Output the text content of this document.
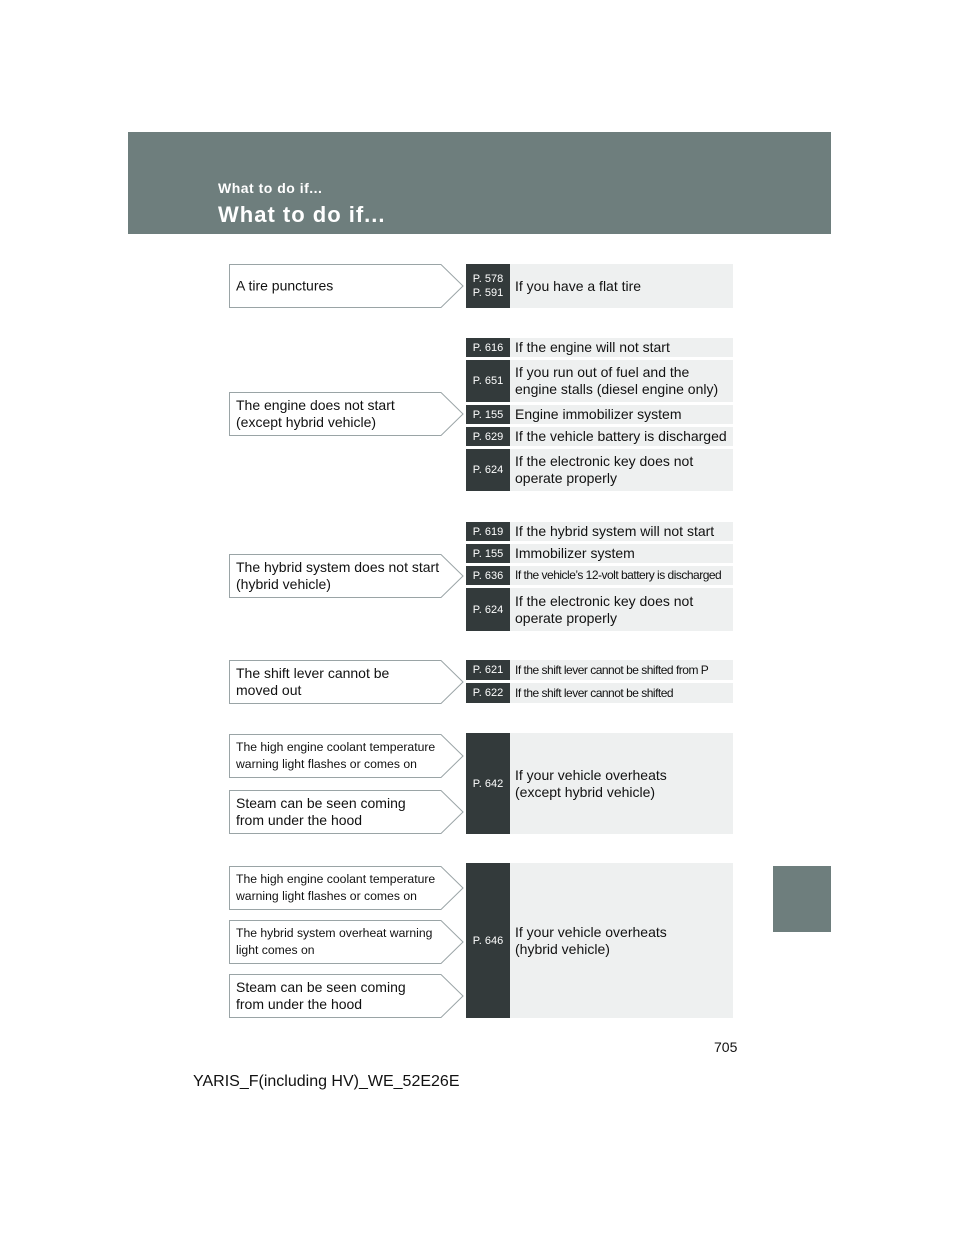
What to do if...
What to do if...
A tire punctures	P. 578
P. 591 If you have a flat tire
The engine does not start
(except hybrid vehicle)
P. 616 If the engine will not start
P. 651
If you run out of fuel and the
engine stalls (diesel engine only)
P. 155 Engine immobilizer system
P. 629 If the vehicle battery is discharged
P. 624
If the electronic key does not
operate properly
The hybrid system does not start
(hybrid vehicle)
P. 619 If the hybrid system will not start
P. 155 Immobilizer system
P. 636 If the vehicle’s 12-volt battery is discharged
P. 624
If the electronic key does not
operate properly
The shift lever cannot be
moved out
P. 621 If the shift lever cannot be shifted from P
P. 622 If the shift lever cannot be shifted
The high engine coolant temperature
warning light flashes or comes on
Steam can be seen coming
from under the hood
P. 642
If your vehicle overheats
(except hybrid vehicle)
The high engine coolant temperature
warning light flashes or comes on
The hybrid system overheat warning
light comes on
Steam can be seen coming
from under the hood
P. 646
If your vehicle overheats
(hybrid vehicle)
705
YARIS_F(including HV)_WE_52E26E
